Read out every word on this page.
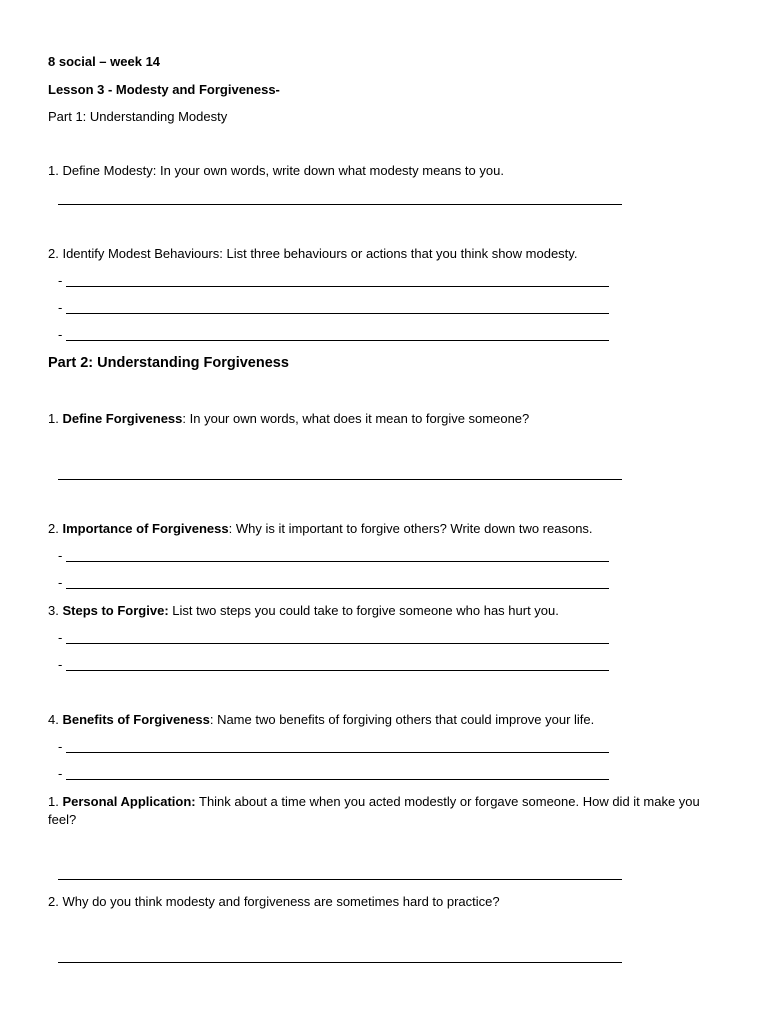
8 social – week 14
Lesson 3 - Modesty and Forgiveness-
Part 1: Understanding Modesty
1. Define Modesty: In your own words, write down what modesty means to you.
2. Identify Modest Behaviours: List three behaviours or actions that you think show modesty.
-
-
-
Part 2: Understanding Forgiveness
1. Define Forgiveness: In your own words, what does it mean to forgive someone?
2. Importance of Forgiveness: Why is it important to forgive others? Write down two reasons.
-
-
3. Steps to Forgive: List two steps you could take to forgive someone who has hurt you.
-
-
4. Benefits of Forgiveness: Name two benefits of forgiving others that could improve your life.
-
-
1. Personal Application: Think about a time when you acted modestly or forgave someone. How did it make you feel?
2. Why do you think modesty and forgiveness are sometimes hard to practice?
